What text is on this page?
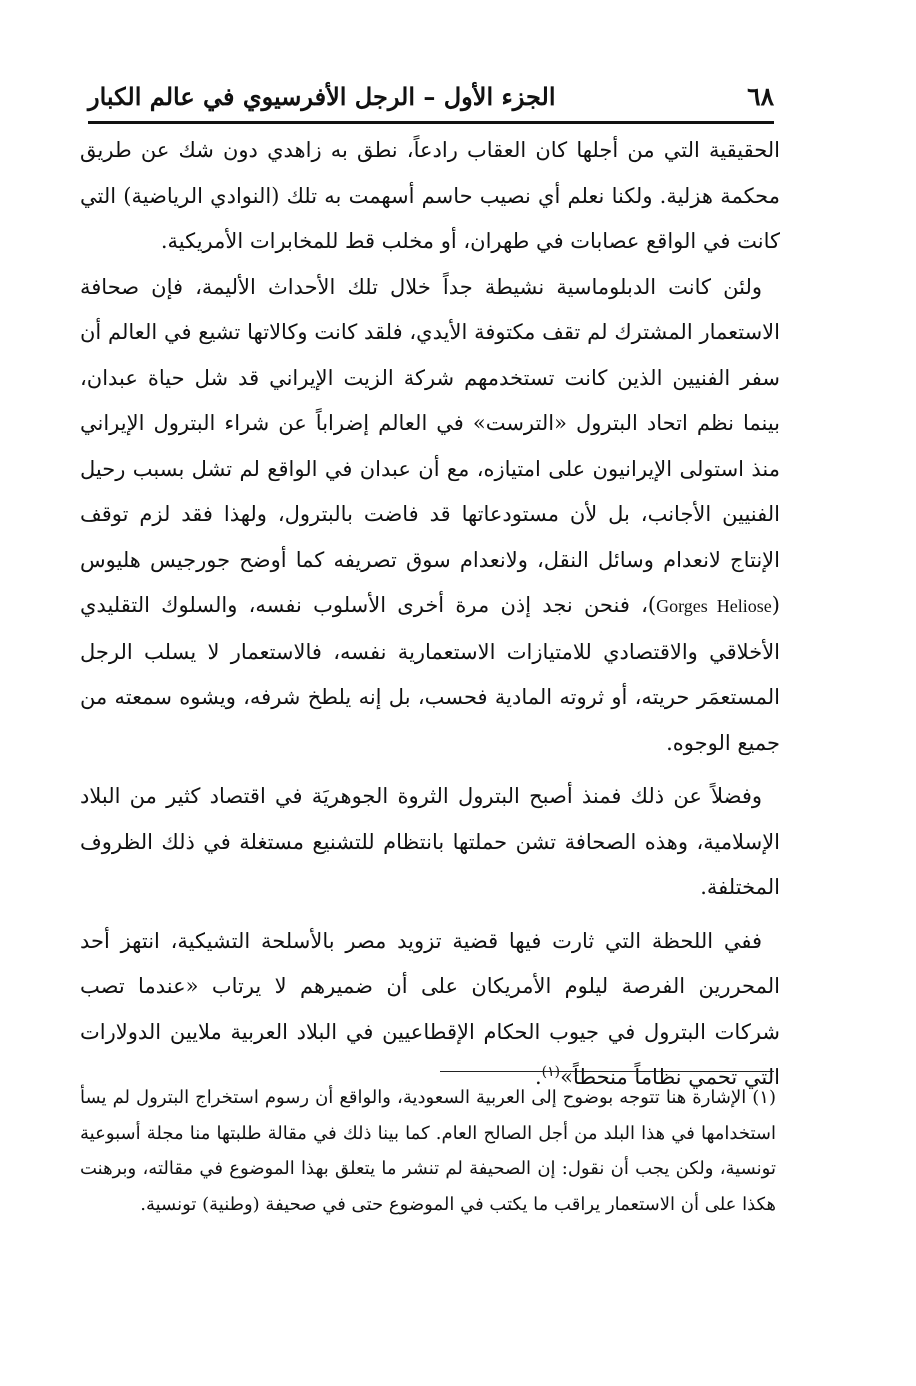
٦٨
الجزء الأول – الرجل الأفرسيوي في عالم الكبار

الحقيقية التي من أجلها كان العقاب رادعاً، نطق به زاهدي دون شك عن طريق محكمة هزلية. ولكنا نعلم أي نصيب حاسم أسهمت به تلك (النوادي الرياضية) التي كانت في الواقع عصابات في طهران، أو مخلب قط للمخابرات الأمريكية.

ولئن كانت الدبلوماسية نشيطة جداً خلال تلك الأحداث الأليمة، فإن صحافة الاستعمار المشترك لم تقف مكتوفة الأيدي، فلقد كانت وكالاتها تشيع في العالم أن سفر الفنيين الذين كانت تستخدمهم شركة الزيت الإيراني قد شل حياة عبدان، بينما نظم اتحاد البترول «الترست» في العالم إضراباً عن شراء البترول الإيراني منذ استولى الإيرانيون على امتيازه، مع أن عبدان في الواقع لم تشل بسبب رحيل الفنيين الأجانب، بل لأن مستودعاتها قد فاضت بالبترول، ولهذا فقد لزم توقف الإنتاج لانعدام وسائل النقل، ولانعدام سوق تصريفه كما أوضح جورجيس هليوس (Gorges Heliose)، فنحن نجد إذن مرة أخرى الأسلوب نفسه، والسلوك التقليدي الأخلاقي والاقتصادي للامتيازات الاستعمارية نفسه، فالاستعمار لا يسلب الرجل المستعمَر حريته، أو ثروته المادية فحسب، بل إنه يلطخ شرفه، ويشوه سمعته من جميع الوجوه.

وفضلاً عن ذلك فمنذ أصبح البترول الثروة الجوهريَة في اقتصاد كثير من البلاد الإسلامية، وهذه الصحافة تشن حملتها بانتظام للتشنيع مستغلة في ذلك الظروف المختلفة.

ففي اللحظة التي ثارت فيها قضية تزويد مصر بالأسلحة التشيكية، انتهز أحد المحررين الفرصة ليلوم الأمريكان على أن ضميرهم لا يرتاب «عندما تصب شركات البترول في جيوب الحكام الإقطاعيين في البلاد العربية ملايين الدولارات التي تحمي نظاماً منحطاً»$^{(١)}$.

(١) الإشارة هنا تتوجه بوضوح إلى العربية السعودية، والواقع أن رسوم استخراج البترول لم يسأ استخدامها في هذا البلد من أجل الصالح العام. كما بينا ذلك في مقالة طلبتها منا مجلة أسبوعية تونسية، ولكن يجب أن نقول: إن الصحيفة لم تنشر ما يتعلق بهذا الموضوع في مقالته، وبرهنت هكذا على أن الاستعمار يراقب ما يكتب في الموضوع حتى في صحيفة (وطنية) تونسية.
